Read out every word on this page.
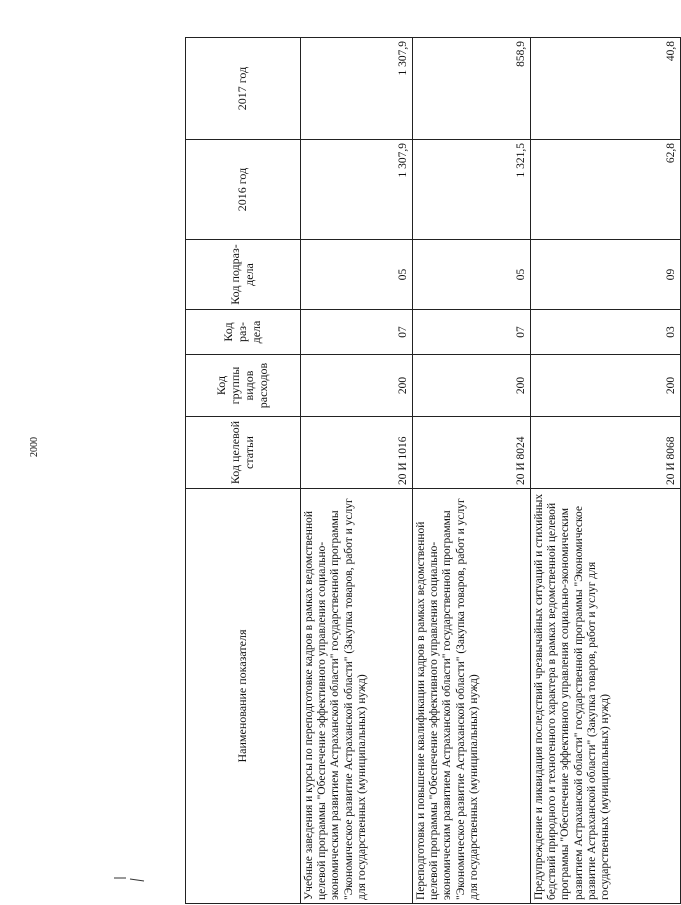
2000
Наименование показателя	Код целевой статьи	Код группы видов расходов	Код раз- дела	Код подраз- дела	2016 год	2017 год
Учебные заведения и курсы по переподготовке кадров в рамках ведомственной целевой программы "Обеспечение эффективного управления социально-экономическим развитием Астраханской области" государственной программы "Экономическое развитие Астраханской области" (Закупка товаров, работ и услуг для государственных (муниципальных) нужд)	20 И 1016	200	07	05	1 307,9	1 307,9
Переподготовка и повышение квалификации кадров в рамках ведомственной целевой программы "Обеспечение эффективного управления социально-экономическим развитием Астраханской области" государственной программы "Экономическое развитие Астраханской области" (Закупка товаров, работ и услуг для государственных (муниципальных) нужд)	20 И 8024	200	07	05	1 321,5	858,9
Предупреждение и ликвидация последствий чрезвычайных ситуаций и стихийных бедствий природного и техногенного характера в рамках ведомственной целевой программы "Обеспечение эффективного управления социально-экономическим развитием Астраханской области" государственной программы "Экономическое развитие Астраханской области" (Закупка товаров, работ и услуг для государственных (муниципальных) нужд)	20 И 8068	200	03	09	62,8	40,8
